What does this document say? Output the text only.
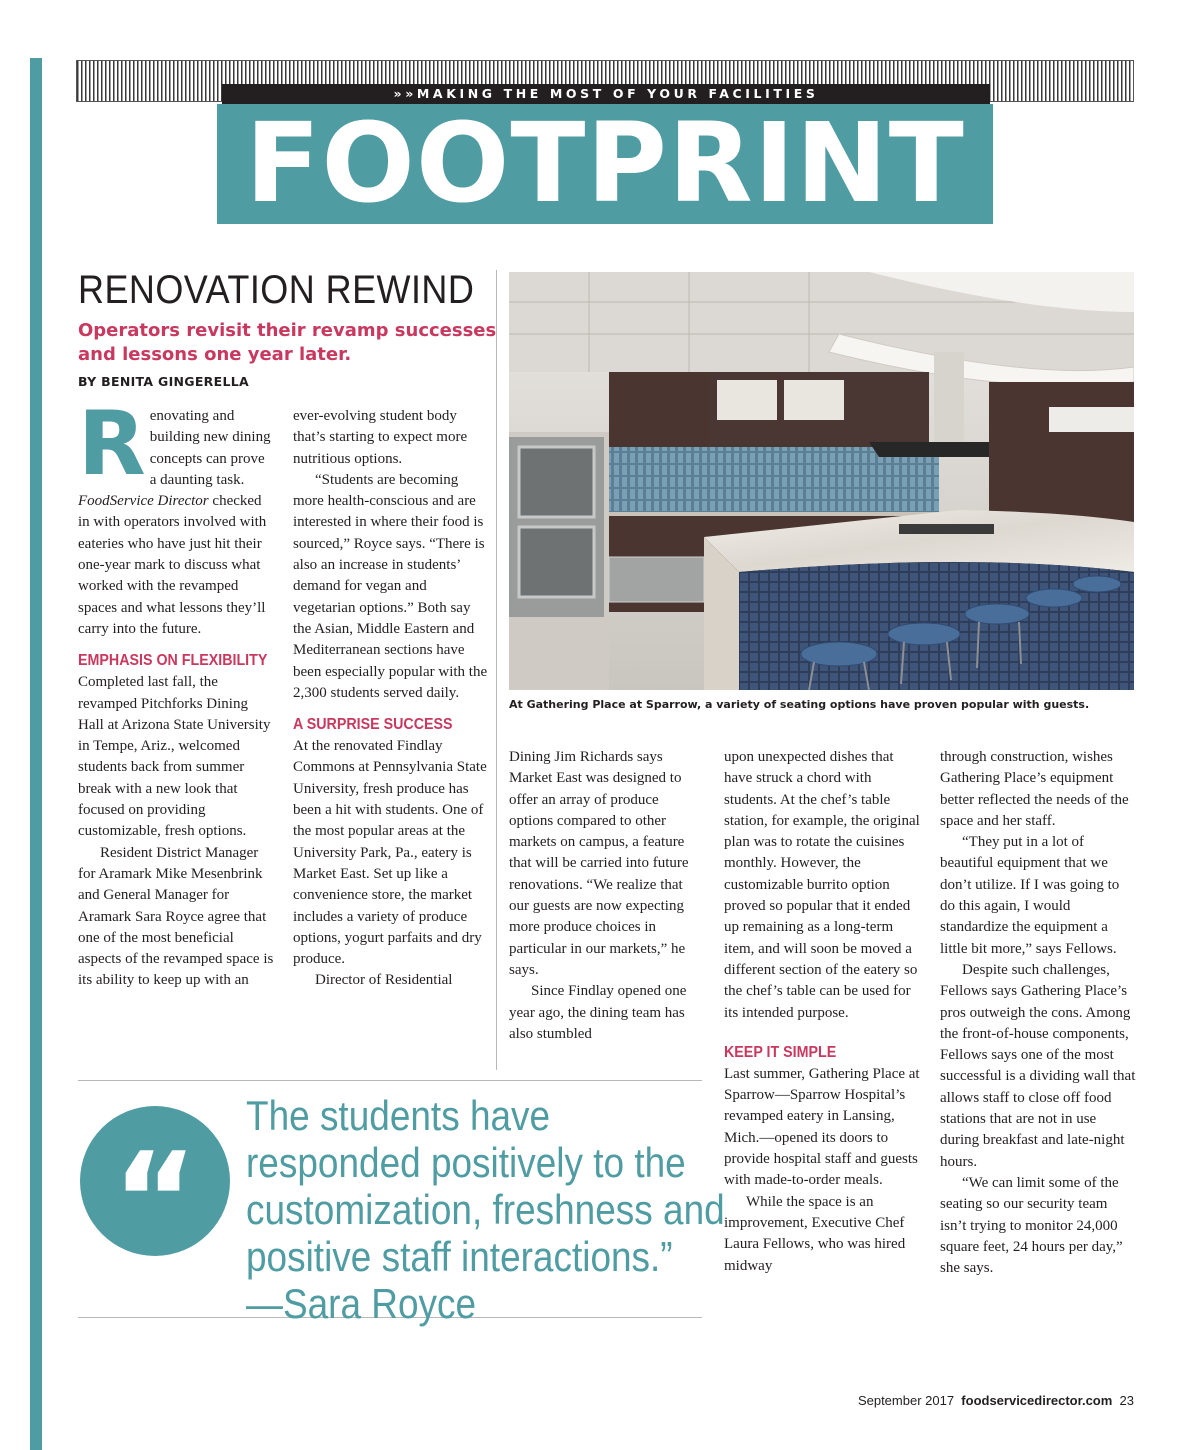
»»MAKING THE MOST OF YOUR FACILITIES
FOOTPRINT
RENOVATION REWIND

Operators revisit their revamp successes and lessons one year later.

BY BENITA GINGERELLA
At Gathering Place at Sparrow, a variety of seating options have proven popular with guests.

Renovating and building new dining concepts can prove a daunting task. FoodService Director checked in with operators involved with eateries who have just hit their one-year mark to discuss what worked with the revamped spaces and what lessons they’ll carry into the future.

EMPHASIS ON FLEXIBILITY

Completed last fall, the revamped Pitchforks Dining Hall at Arizona State University in Tempe, Ariz., welcomed students back from summer break with a new look that focused on providing customizable, fresh options.

Resident District Manager for Aramark Mike Mesenbrink and General Manager for Aramark Sara Royce agree that one of the most beneficial aspects of the revamped space is its ability to keep up with an

ever-evolving student body that’s starting to expect more nutritious options.

“Students are becoming more health-conscious and are interested in where their food is sourced,” Royce says. “There is also an increase in students’ demand for vegan and vegetarian options.” Both say the Asian, Middle Eastern and Mediterranean sections have been especially popular with the 2,300 students served daily.

A SURPRISE SUCCESS

At the renovated Findlay Commons at Pennsylvania State University, fresh produce has been a hit with students. One of the most popular areas at the University Park, Pa., eatery is Market East. Set up like a convenience store, the market includes a variety of produce options, yogurt parfaits and dry produce.

Director of Residential

Dining Jim Richards says Market East was designed to offer an array of produce options compared to other markets on campus, a feature that will be carried into future renovations. “We realize that our guests are now expecting more produce choices in particular in our markets,” he says.

Since Findlay opened one year ago, the dining team has also stumbled

upon unexpected dishes that have struck a chord with students. At the chef’s table station, for example, the original plan was to rotate the cuisines monthly. However, the customizable burrito option proved so popular that it ended up remaining as a long-term item, and will soon be moved a different section of the eatery so the chef’s table can be used for its intended purpose.

KEEP IT SIMPLE

Last summer, Gathering Place at Sparrow—Sparrow Hospital’s revamped eatery in Lansing, Mich.—opened its doors to provide hospital staff and guests with made-to-order meals.

While the space is an improvement, Executive Chef Laura Fellows, who was hired midway

through construction, wishes Gathering Place’s equipment better reflected the needs of the space and her staff.

“They put in a lot of beautiful equipment that we don’t utilize. If I was going to do this again, I would standardize the equipment a little bit more,” says Fellows.

Despite such challenges, Fellows says Gathering Place’s pros outweigh the cons. Among the front-of-house components, Fellows says one of the most successful is a dividing wall that allows staff to close off food stations that are not in use during breakfast and late-night hours.

“We can limit some of the seating so our security team isn’t trying to monitor 24,000 square feet, 24 hours per day,” she says.

“
The students have
responded positively to the
customization, freshness and
positive staff interactions.”
—Sara Royce
September 2017 foodservicedirector.com 23
